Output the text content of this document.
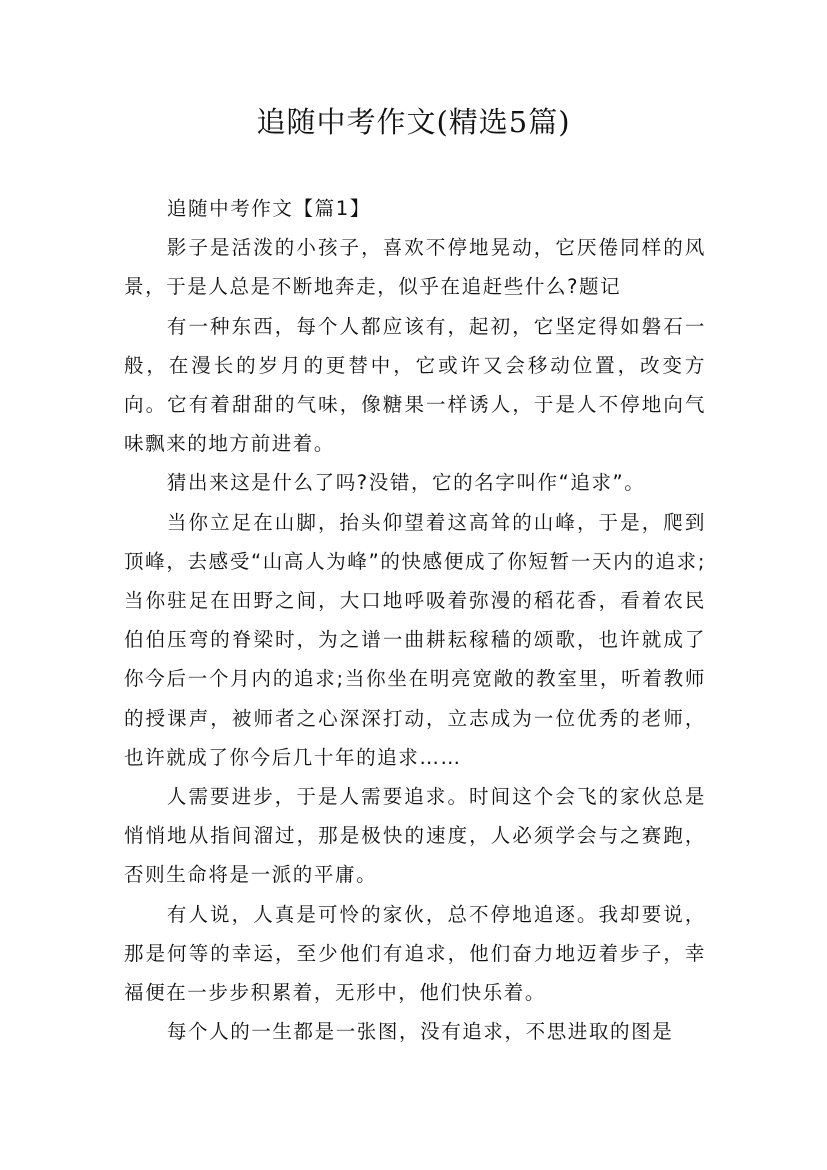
追随中考作文(精选5篇)

追随中考作文【篇1】

影子是活泼的小孩子，喜欢不停地晃动，它厌倦同样的风景，于是人总是不断地奔走，似乎在追赶些什么?题记

有一种东西，每个人都应该有，起初，它坚定得如磐石一般，在漫长的岁月的更替中，它或许又会移动位置，改变方向。它有着甜甜的气味，像糖果一样诱人，于是人不停地向气味飘来的地方前进着。

猜出来这是什么了吗?没错，它的名字叫作“追求”。

当你立足在山脚，抬头仰望着这高耸的山峰，于是，爬到顶峰，去感受“山高人为峰”的快感便成了你短暂一天内的追求;当你驻足在田野之间，大口地呼吸着弥漫的稻花香，看着农民伯伯压弯的脊梁时，为之谱一曲耕耘稼穑的颂歌，也许就成了你今后一个月内的追求;当你坐在明亮宽敞的教室里，听着教师的授课声，被师者之心深深打动，立志成为一位优秀的老师，也许就成了你今后几十年的追求……

人需要进步，于是人需要追求。时间这个会飞的家伙总是悄悄地从指间溜过，那是极快的速度，人必须学会与之赛跑，否则生命将是一派的平庸。

有人说，人真是可怜的家伙，总不停地追逐。我却要说，那是何等的幸运，至少他们有追求，他们奋力地迈着步子，幸福便在一步步积累着，无形中，他们快乐着。

每个人的一生都是一张图，没有追求，不思进取的图是
